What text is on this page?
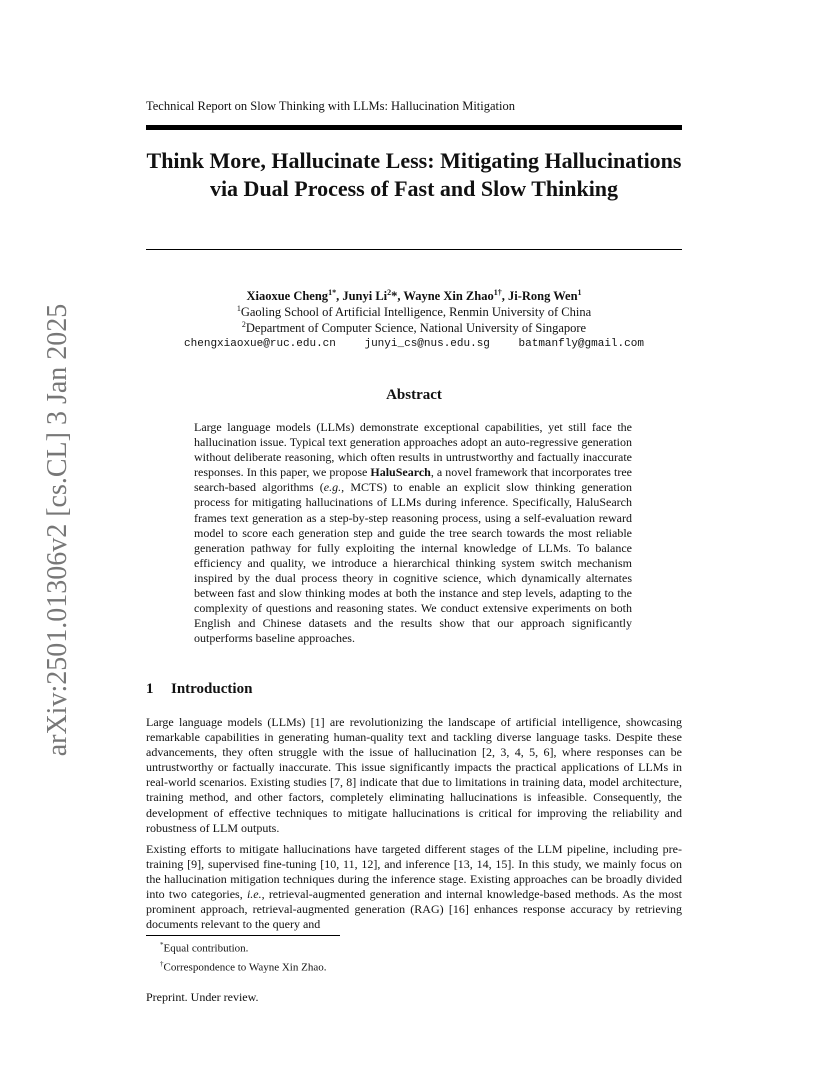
arXiv:2501.01306v2 [cs.CL] 3 Jan 2025
Technical Report on Slow Thinking with LLMs: Hallucination Mitigation
Think More, Hallucinate Less: Mitigating Hallucinations via Dual Process of Fast and Slow Thinking
Xiaoxue Cheng$^{1*}$, Junyi Li$^2$*, Wayne Xin Zhao$^{1\dagger}$, Ji-Rong Wen$^1$
$^1$Gaoling School of Artificial Intelligence, Renmin University of China
$^2$Department of Computer Science, National University of Singapore
chengxiaoxue@ruc.edu.cn	junyi_cs@nus.edu.sg	batmanfly@gmail.com
Abstract

Large language models (LLMs) demonstrate exceptional capabilities, yet still face the hallucination issue. Typical text generation approaches adopt an auto-regressive generation without deliberate reasoning, which often results in untrustworthy and factually inaccurate responses. In this paper, we propose HaluSearch, a novel framework that incorporates tree search-based algorithms (e.g., MCTS) to enable an explicit slow thinking generation process for mitigating hallucinations of LLMs during inference. Specifically, HaluSearch frames text generation as a step-by-step reasoning process, using a self-evaluation reward model to score each generation step and guide the tree search towards the most reliable generation pathway for fully exploiting the internal knowledge of LLMs. To balance efficiency and quality, we introduce a hierarchical thinking system switch mechanism inspired by the dual process theory in cognitive science, which dynamically alternates between fast and slow thinking modes at both the instance and step levels, adapting to the complexity of questions and reasoning states. We conduct extensive experiments on both English and Chinese datasets and the results show that our approach significantly outperforms baseline approaches.

1 Introduction

Large language models (LLMs) [1] are revolutionizing the landscape of artificial intelligence, showcasing remarkable capabilities in generating human-quality text and tackling diverse language tasks. Despite these advancements, they often struggle with the issue of hallucination [2, 3, 4, 5, 6], where responses can be untrustworthy or factually inaccurate. This issue significantly impacts the practical applications of LLMs in real-world scenarios. Existing studies [7, 8] indicate that due to limitations in training data, model architecture, training method, and other factors, completely eliminating hallucinations is infeasible. Consequently, the development of effective techniques to mitigate hallucinations is critical for improving the reliability and robustness of LLM outputs.

Existing efforts to mitigate hallucinations have targeted different stages of the LLM pipeline, including pre-training [9], supervised fine-tuning [10, 11, 12], and inference [13, 14, 15]. In this study, we mainly focus on the hallucination mitigation techniques during the inference stage. Existing approaches can be broadly divided into two categories, i.e., retrieval-augmented generation and internal knowledge-based methods. As the most prominent approach, retrieval-augmented generation (RAG) [16] enhances response accuracy by retrieving documents relevant to the query and

*Equal contribution.
†Correspondence to Wayne Xin Zhao.
Preprint. Under review.
